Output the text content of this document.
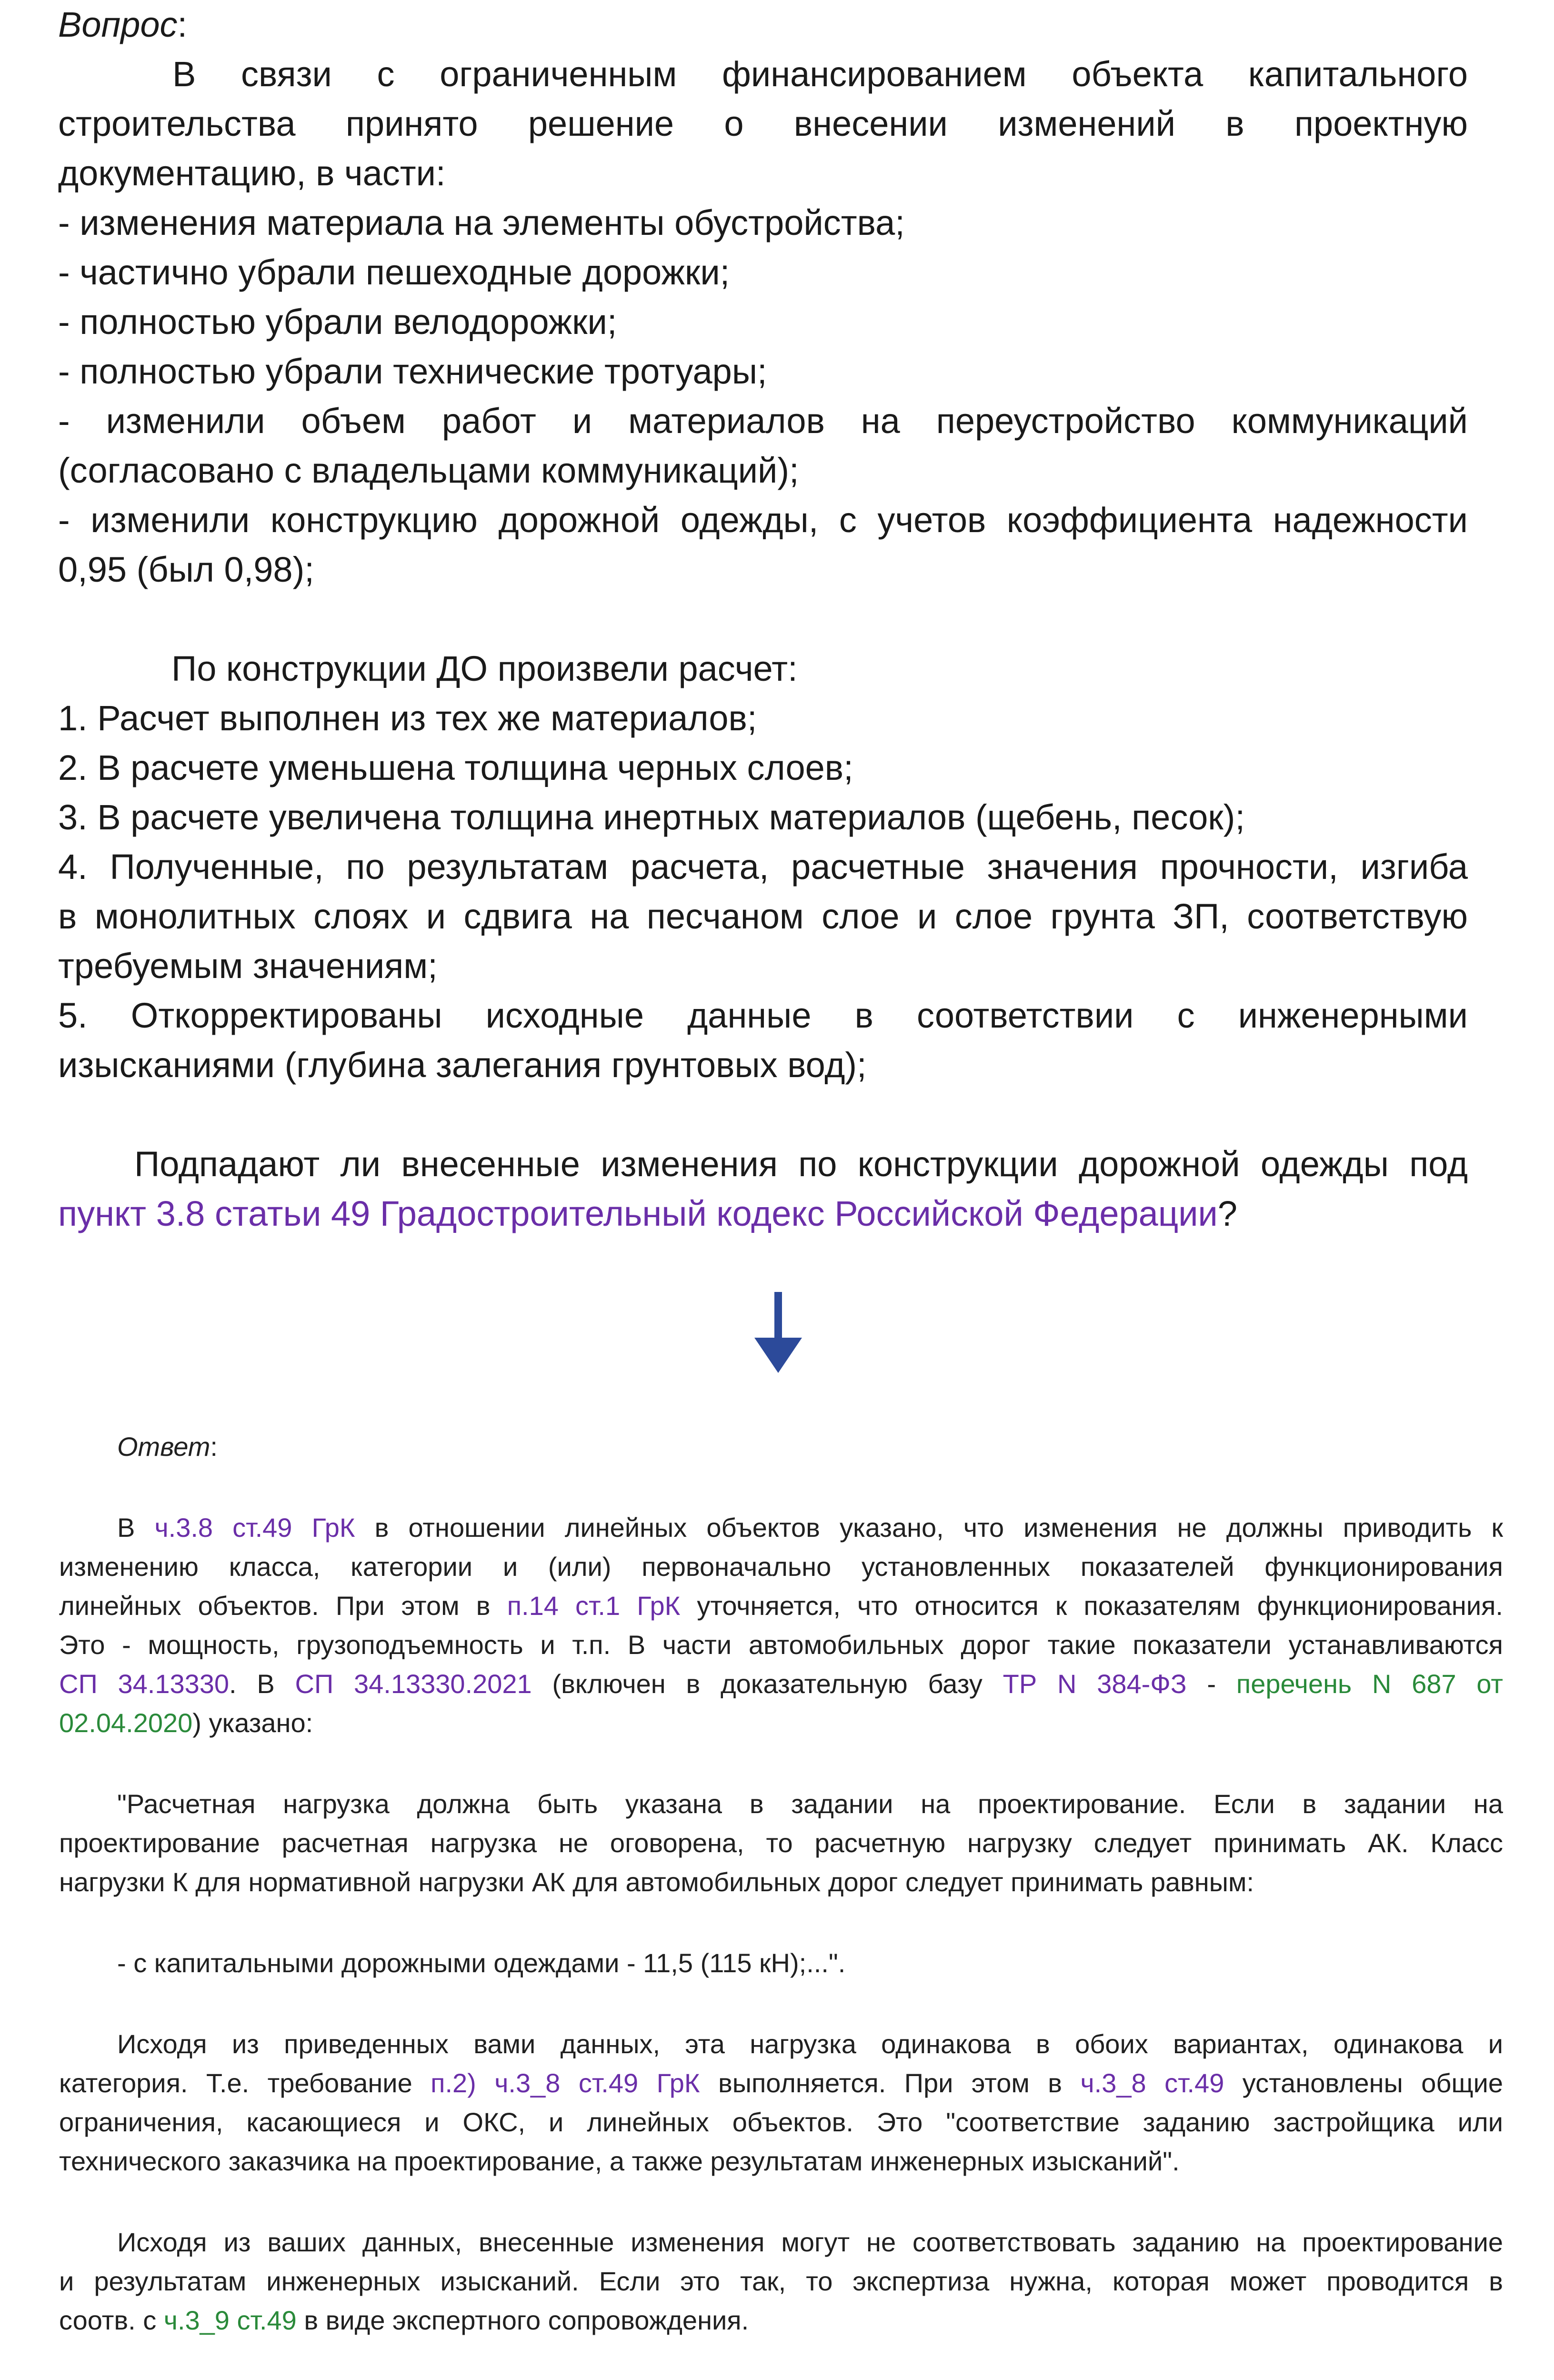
Вопрос:

В связи с ограниченным финансированием объекта капитального

строительства принято решение о внесении изменений в проектную

документацию, в части:

- изменения материала на элементы обустройства;

- частично убрали пешеходные дорожки;

- полностью убрали велодорожки;

- полностью убрали технические тротуары;

- изменили объем работ и материалов на переустройство коммуникаций

(согласовано с владельцами коммуникаций);

- изменили конструкцию дорожной одежды, с учетов коэффициента надежности

0,95 (был 0,98);

По конструкции ДО произвели расчет:

1. Расчет выполнен из тех же материалов;

2. В расчете уменьшена толщина черных слоев;

3. В расчете увеличена толщина инертных материалов (щебень, песок);

4. Полученные, по результатам расчета, расчетные значения прочности, изгиба

в монолитных слоях и сдвига на песчаном слое и слое грунта ЗП, соответствую

требуемым значениям;

5. Откорректированы исходные данные в соответствии с инженерными

изысканиями (глубина залегания грунтовых вод);

Подпадают ли внесенные изменения по конструкции дорожной одежды под

пункт 3.8 статьи 49 Градостроительный кодекс Российской Федерации?

Ответ:

В ч.3.8 ст.49 ГрК в отношении линейных объектов указано, что изменения не должны приводить к

изменению класса, категории и (или) первоначально установленных показателей функционирования

линейных объектов. При этом в п.14 ст.1 ГрК уточняется, что относится к показателям функционирования.

Это - мощность, грузоподъемность и т.п. В части автомобильных дорог такие показатели устанавливаются

СП 34.13330. В СП 34.13330.2021 (включен в доказательную базу ТР N 384-ФЗ - перечень N 687 от

02.04.2020) указано:

"Расчетная нагрузка должна быть указана в задании на проектирование. Если в задании на

проектирование расчетная нагрузка не оговорена, то расчетную нагрузку следует принимать АК. Класс

нагрузки К для нормативной нагрузки АК для автомобильных дорог следует принимать равным:

- с капитальными дорожными одеждами - 11,5 (115 кН);...".

Исходя из приведенных вами данных, эта нагрузка одинакова в обоих вариантах, одинакова и

категория. Т.е. требование п.2) ч.3_8 ст.49 ГрК выполняется. При этом в ч.3_8 ст.49 установлены общие

ограничения, касающиеся и ОКС, и линейных объектов. Это "соответствие заданию застройщика или

технического заказчика на проектирование, а также результатам инженерных изысканий".

Исходя из ваших данных, внесенные изменения могут не соответствовать заданию на проектирование

и результатам инженерных изысканий. Если это так, то экспертиза нужна, которая может проводится в

соотв. с ч.3_9 ст.49 в виде экспертного сопровождения.
